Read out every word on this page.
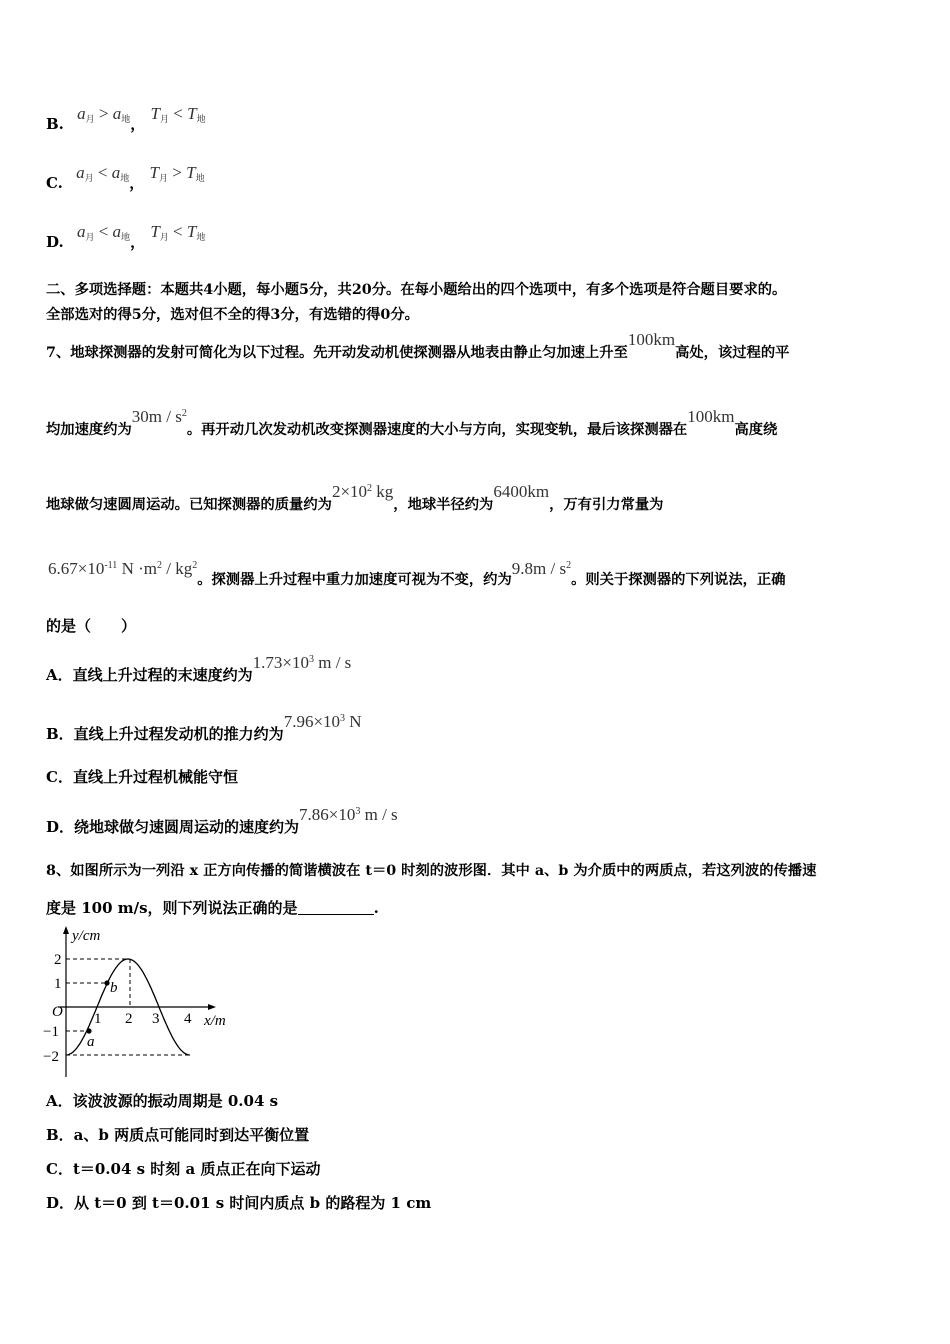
B. $a_月 > a_地$， $T_月 < T_地$
C. $a_月 < a_地$， $T_月 > T_地$
D. $a_月 < a_地$， $T_月 < T_地$
二、多项选择题：本题共4小题，每小题5分，共20分。在每小题给出的四个选项中，有多个选项是符合题目要求的。
全部选对的得5分，选对但不全的得3分，有选错的得0分。
7、地球探测器的发射可简化为以下过程。先开动发动机使探测器从地表由静止匀加速上升至100km高处，该过程的平
均加速度约为$30m / s^2$。再开动几次发动机改变探测器速度的大小与方向，实现变轨，最后该探测器在100km高度绕
地球做匀速圆周运动。已知探测器的质量约为$2\times 10^2$ kg，地球半径约为6400km，万有引力常量为
$6.67\times 10^{-11}$ $N \cdot m^2 / kg^2$。探测器上升过程中重力加速度可视为不变，约为$9.8m / s^2$。则关于探测器的下列说法，正确
的是（　　）
A．直线上升过程的末速度约为$1.73\times 10^3$ m / s
B．直线上升过程发动机的推力约为$7.96\times 10^3$ N
C．直线上升过程机械能守恒
D．绕地球做匀速圆周运动的速度约为$7.86\times 10^3$ m / s
8、如图所示为一列沿 x 正方向传播的简谐横波在 t＝0 时刻的波形图．其中 a、b 为介质中的两质点，若这列波的传播速
度是 100 m/s，则下列说法正确的是	.
y/cm
x/m
O
2
1
−1
−2
1 2 3 4
a
b
A．该波波源的振动周期是 0.04 s
B．a、b 两质点可能同时到达平衡位置
C．t＝0.04 s 时刻 a 质点正在向下运动
D．从 t＝0 到 t＝0.01 s 时间内质点 b 的路程为 1 cm
